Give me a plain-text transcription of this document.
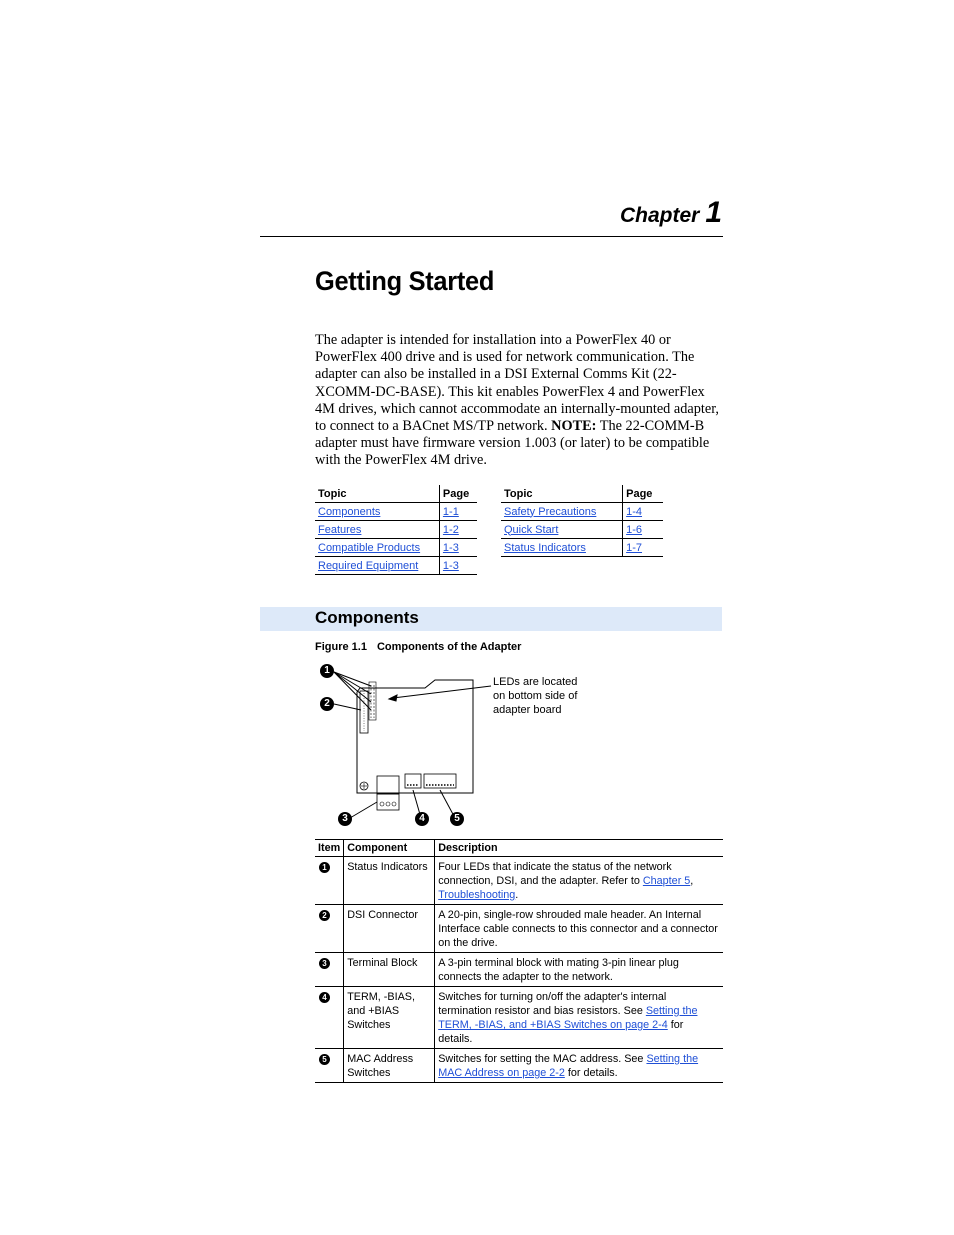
Chapter 1
Getting Started
The adapter is intended for installation into a PowerFlex 40 or PowerFlex 400 drive and is used for network communication. The adapter can also be installed in a DSI External Comms Kit (22-XCOMM-DC-BASE). This kit enables PowerFlex 4 and PowerFlex 4M drives, which cannot accommodate an internally-mounted adapter, to connect to a BACnet MS/TP network. NOTE: The 22-COMM-B adapter must have firmware version 1.003 (or later) to be compatible with the PowerFlex 4M drive.
Topic	Page
Components	1-1
Features	1-2
Compatible Products	1-3
Required Equipment	1-3
Topic	Page
Safety Precautions	1-4
Quick Start	1-6
Status Indicators	1-7
Components
Figure 1.1 Components of the Adapter
1
2
3	4	5
LEDs are located
on bottom side of
adapter board
Item	Component	Description
1	Status Indicators	Four LEDs that indicate the status of the network connection, DSI, and the adapter. Refer to Chapter 5, Troubleshooting.
2	DSI Connector	A 20-pin, single-row shrouded male header. An Internal Interface cable connects to this connector and a connector on the drive.
3	Terminal Block	A 3-pin terminal block with mating 3-pin linear plug connects the adapter to the network.
4	TERM, -BIAS, and +BIAS Switches	Switches for turning on/off the adapter's internal termination resistor and bias resistors. See Setting the TERM, -BIAS, and +BIAS Switches on page 2-4 for details.
5	MAC Address Switches	Switches for setting the MAC address. See Setting the MAC Address on page 2-2 for details.
